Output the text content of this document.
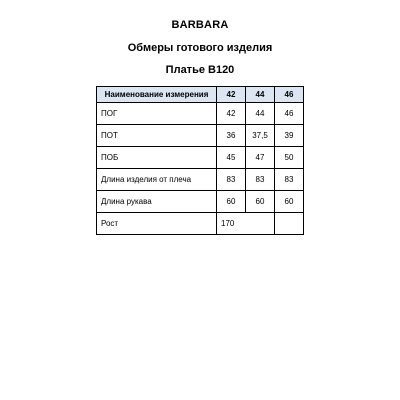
BARBARA
Обмеры готового изделия
Платье В120
Наименование измерения	42	44	46
ПОГ	42	44	46
ПОТ	36	37,5	39
ПОБ	45	47	50
Длина изделия от плеча	83	83	83
Длина рукава	60	60	60
Рост	170		
